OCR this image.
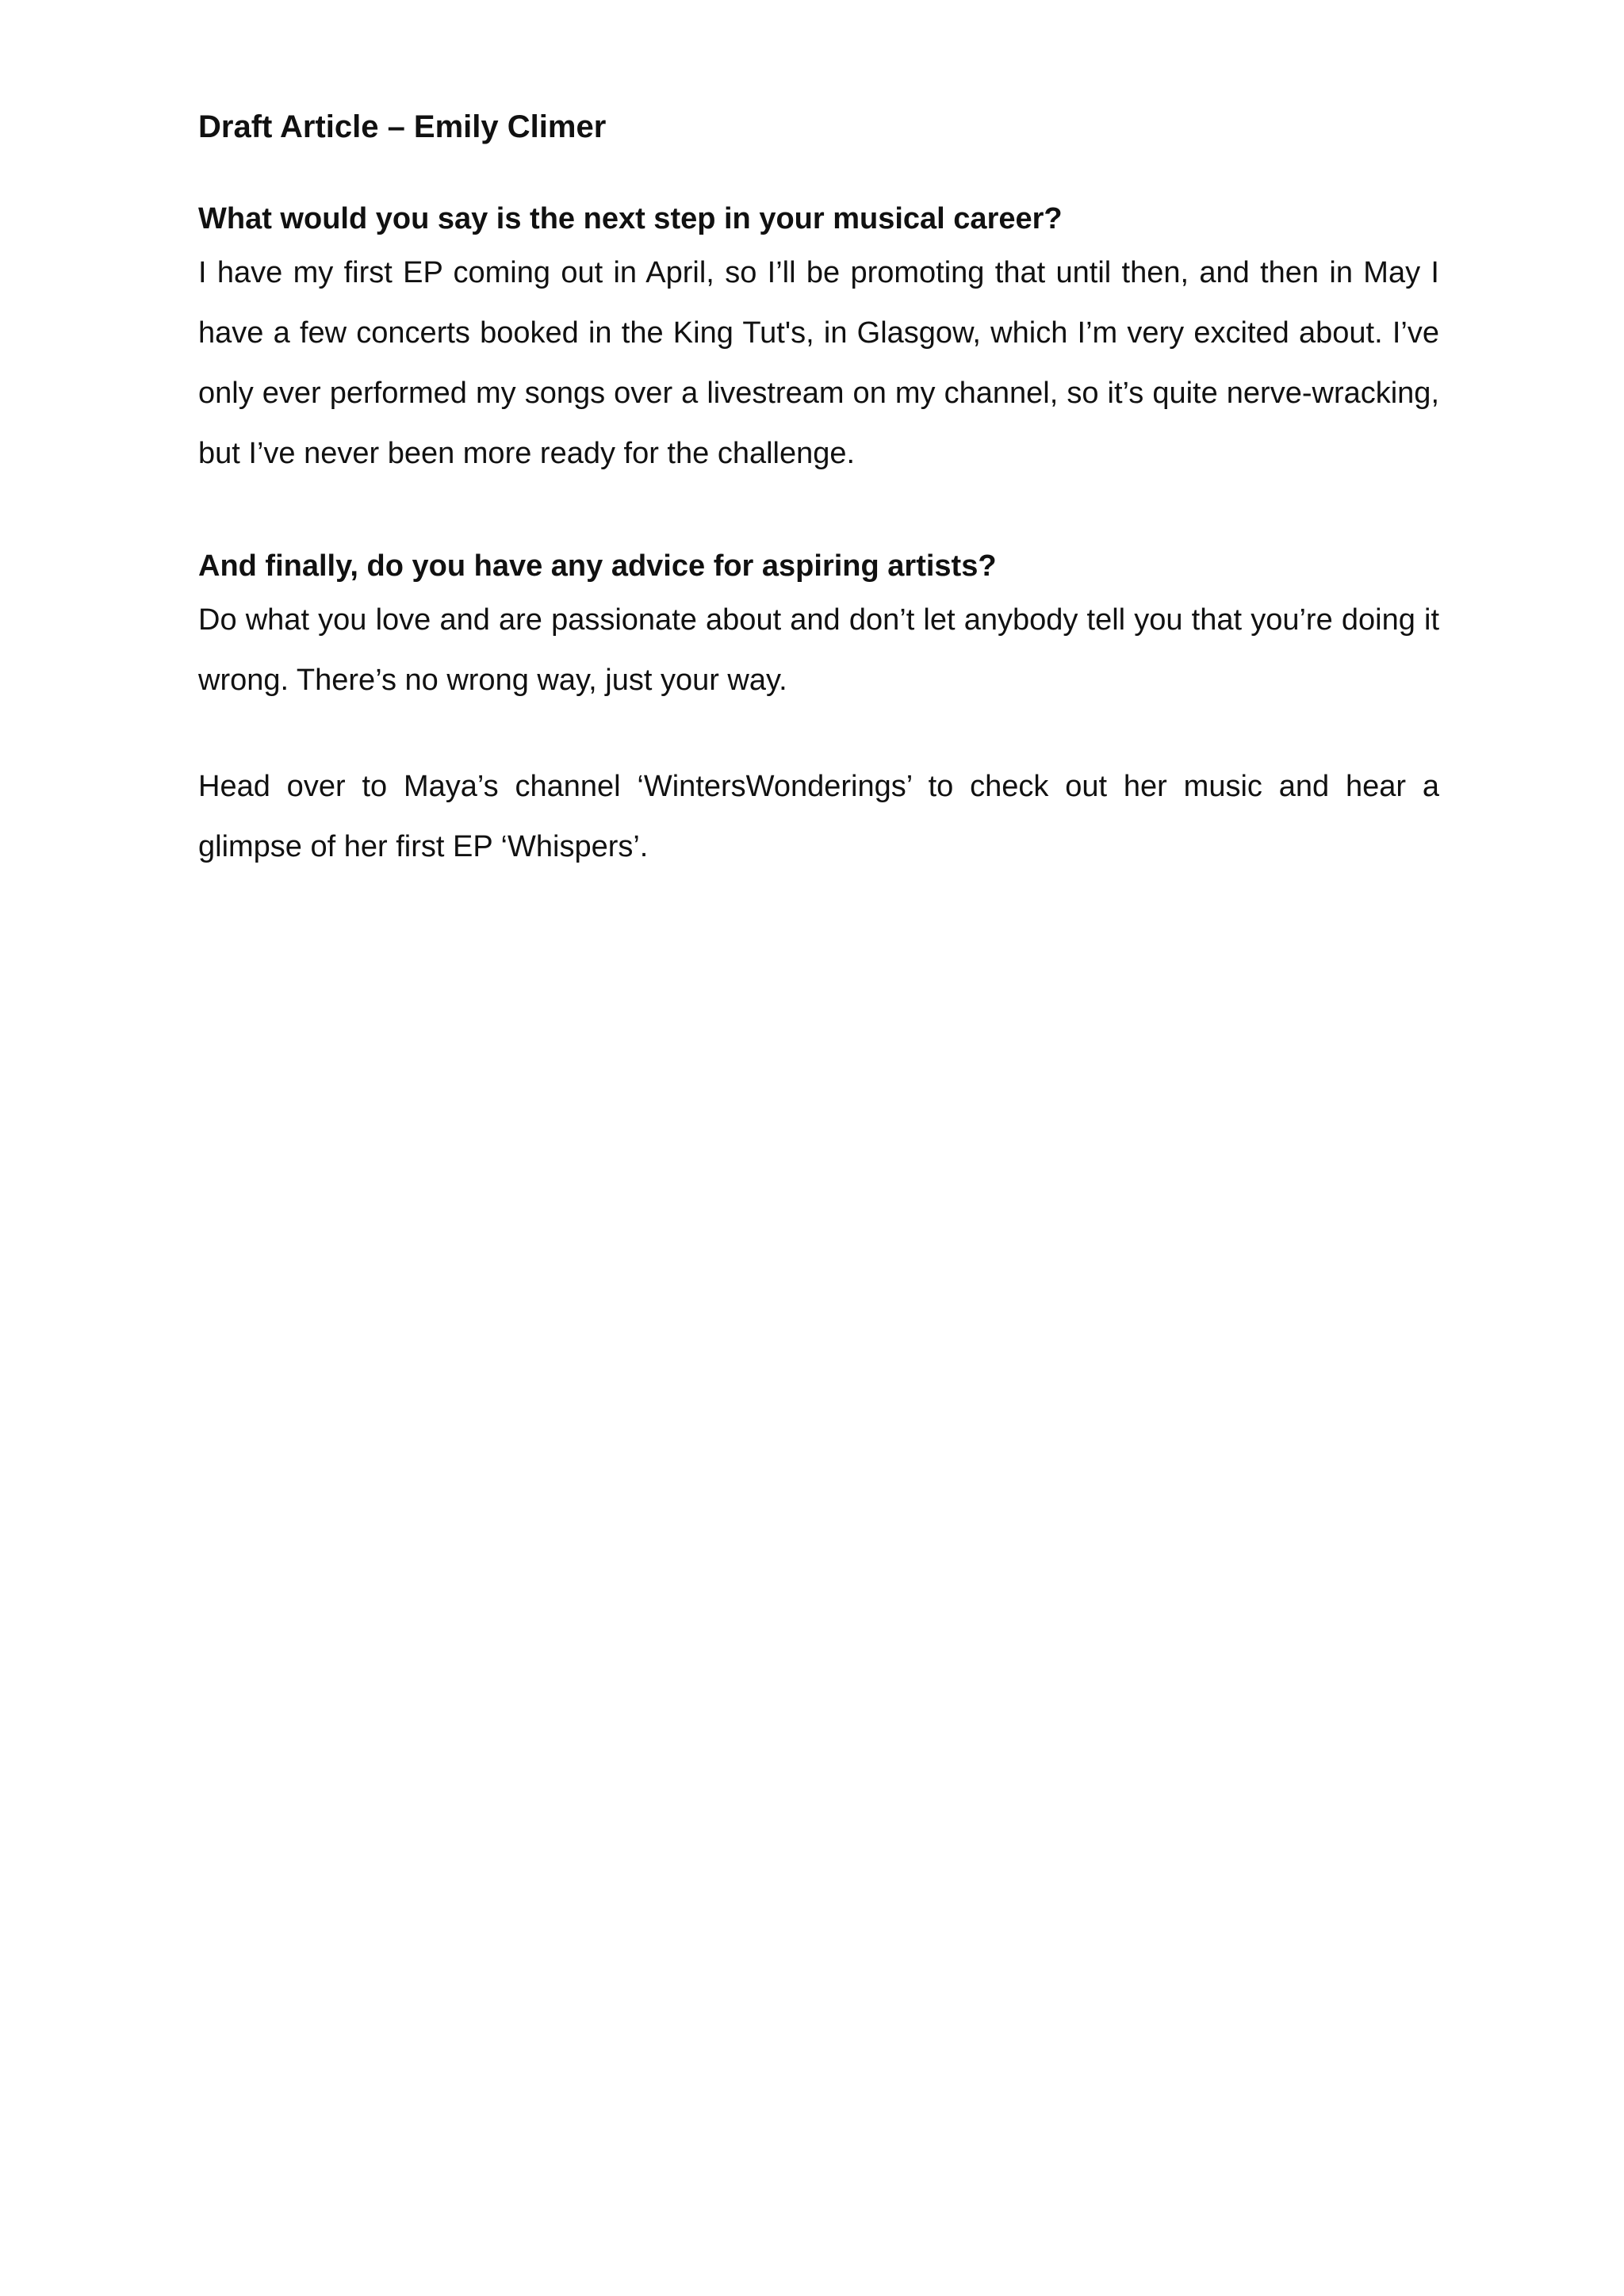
Draft Article – Emily Climer

What would you say is the next step in your musical career?

I have my first EP coming out in April, so I’ll be promoting that until then, and then in May I have a few concerts booked in the King Tut's, in Glasgow, which I’m very excited about. I’ve only ever performed my songs over a livestream on my channel, so it’s quite nerve-wracking, but I’ve never been more ready for the challenge.

And finally, do you have any advice for aspiring artists?

Do what you love and are passionate about and don’t let anybody tell you that you’re doing it wrong. There’s no wrong way, just your way.

Head over to Maya’s channel ‘WintersWonderings’ to check out her music and hear a glimpse of her first EP ‘Whispers’.
